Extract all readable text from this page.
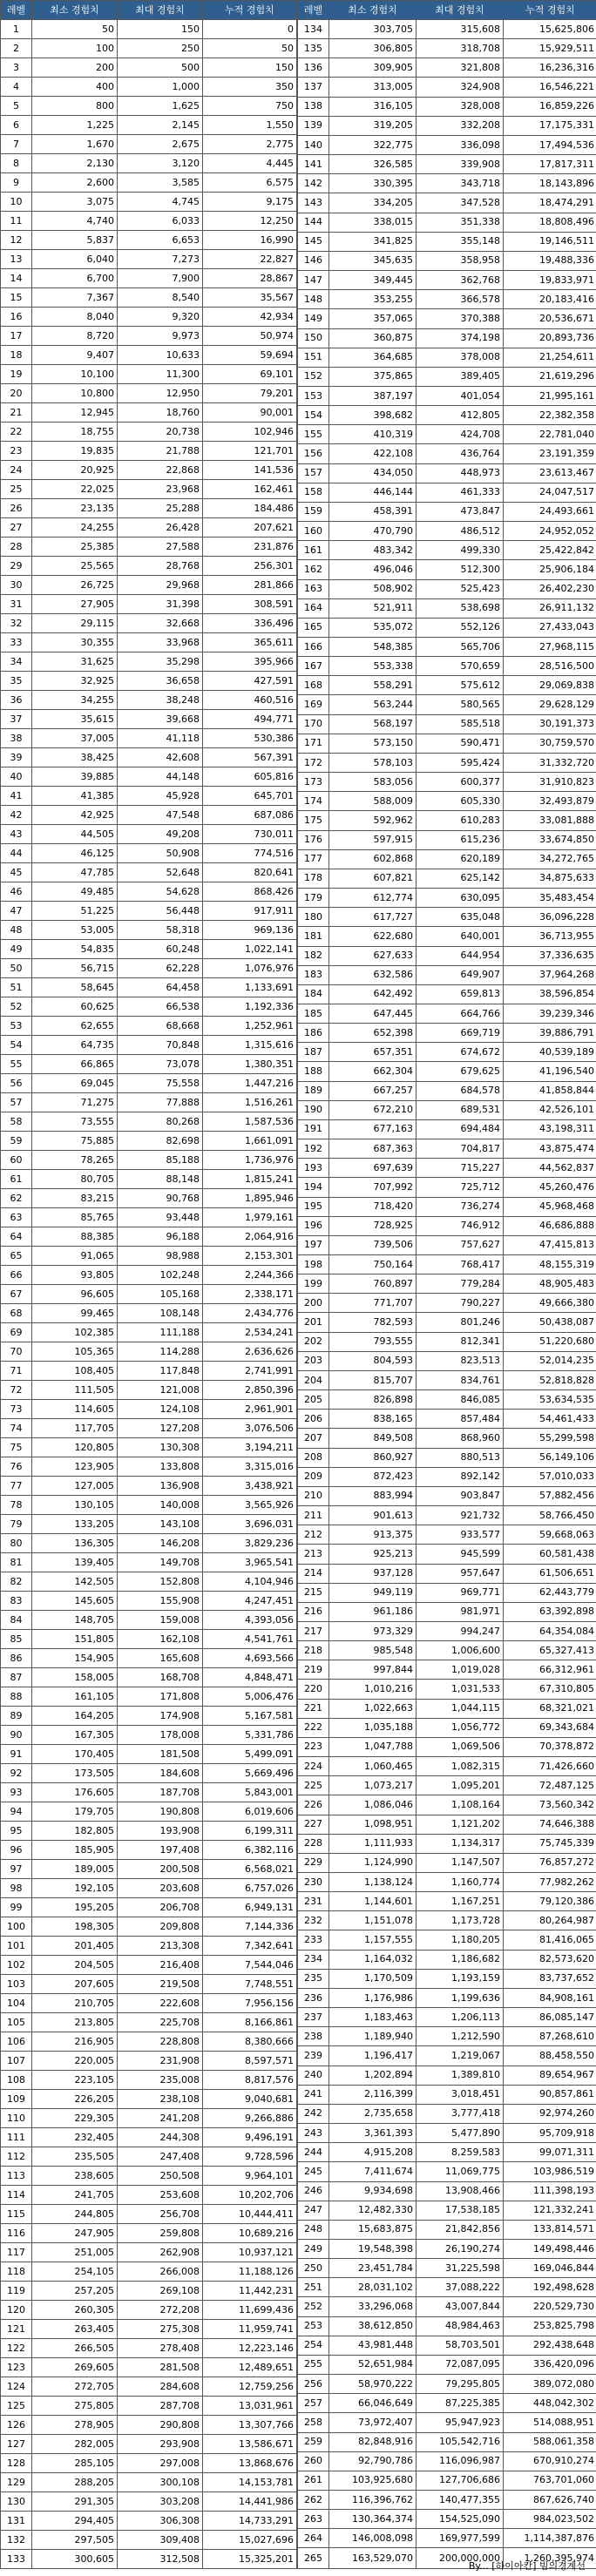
레벨	최소 경험치	최대 경험치	누적 경험치
1	50	150	0
2	100	250	50
3	200	500	150
4	400	1,000	350
5	800	1,625	750
6	1,225	2,145	1,550
7	1,670	2,675	2,775
8	2,130	3,120	4,445
9	2,600	3,585	6,575
10	3,075	4,745	9,175
11	4,740	6,033	12,250
12	5,837	6,653	16,990
13	6,040	7,273	22,827
14	6,700	7,900	28,867
15	7,367	8,540	35,567
16	8,040	9,320	42,934
17	8,720	9,973	50,974
18	9,407	10,633	59,694
19	10,100	11,300	69,101
20	10,800	12,950	79,201
21	12,945	18,760	90,001
22	18,755	20,738	102,946
23	19,835	21,788	121,701
24	20,925	22,868	141,536
25	22,025	23,968	162,461
26	23,135	25,288	184,486
27	24,255	26,428	207,621
28	25,385	27,588	231,876
29	25,565	28,768	256,301
30	26,725	29,968	281,866
31	27,905	31,398	308,591
32	29,115	32,668	336,496
33	30,355	33,968	365,611
34	31,625	35,298	395,966
35	32,925	36,658	427,591
36	34,255	38,248	460,516
37	35,615	39,668	494,771
38	37,005	41,118	530,386
39	38,425	42,608	567,391
40	39,885	44,148	605,816
41	41,385	45,928	645,701
42	42,925	47,548	687,086
43	44,505	49,208	730,011
44	46,125	50,908	774,516
45	47,785	52,648	820,641
46	49,485	54,628	868,426
47	51,225	56,448	917,911
48	53,005	58,318	969,136
49	54,835	60,248	1,022,141
50	56,715	62,228	1,076,976
51	58,645	64,458	1,133,691
52	60,625	66,538	1,192,336
53	62,655	68,668	1,252,961
54	64,735	70,848	1,315,616
55	66,865	73,078	1,380,351
56	69,045	75,558	1,447,216
57	71,275	77,888	1,516,261
58	73,555	80,268	1,587,536
59	75,885	82,698	1,661,091
60	78,265	85,188	1,736,976
61	80,705	88,148	1,815,241
62	83,215	90,768	1,895,946
63	85,765	93,448	1,979,161
64	88,385	96,188	2,064,916
65	91,065	98,988	2,153,301
66	93,805	102,248	2,244,366
67	96,605	105,168	2,338,171
68	99,465	108,148	2,434,776
69	102,385	111,188	2,534,241
70	105,365	114,288	2,636,626
71	108,405	117,848	2,741,991
72	111,505	121,008	2,850,396
73	114,605	124,108	2,961,901
74	117,705	127,208	3,076,506
75	120,805	130,308	3,194,211
76	123,905	133,808	3,315,016
77	127,005	136,908	3,438,921
78	130,105	140,008	3,565,926
79	133,205	143,108	3,696,031
80	136,305	146,208	3,829,236
81	139,405	149,708	3,965,541
82	142,505	152,808	4,104,946
83	145,605	155,908	4,247,451
84	148,705	159,008	4,393,056
85	151,805	162,108	4,541,761
86	154,905	165,608	4,693,566
87	158,005	168,708	4,848,471
88	161,105	171,808	5,006,476
89	164,205	174,908	5,167,581
90	167,305	178,008	5,331,786
91	170,405	181,508	5,499,091
92	173,505	184,608	5,669,496
93	176,605	187,708	5,843,001
94	179,705	190,808	6,019,606
95	182,805	193,908	6,199,311
96	185,905	197,408	6,382,116
97	189,005	200,508	6,568,021
98	192,105	203,608	6,757,026
99	195,205	206,708	6,949,131
100	198,305	209,808	7,144,336
101	201,405	213,308	7,342,641
102	204,505	216,408	7,544,046
103	207,605	219,508	7,748,551
104	210,705	222,608	7,956,156
105	213,805	225,708	8,166,861
106	216,905	228,808	8,380,666
107	220,005	231,908	8,597,571
108	223,105	235,008	8,817,576
109	226,205	238,108	9,040,681
110	229,305	241,208	9,266,886
111	232,405	244,308	9,496,191
112	235,505	247,408	9,728,596
113	238,605	250,508	9,964,101
114	241,705	253,608	10,202,706
115	244,805	256,708	10,444,411
116	247,905	259,808	10,689,216
117	251,005	262,908	10,937,121
118	254,105	266,008	11,188,126
119	257,205	269,108	11,442,231
120	260,305	272,208	11,699,436
121	263,405	275,308	11,959,741
122	266,505	278,408	12,223,146
123	269,605	281,508	12,489,651
124	272,705	284,608	12,759,256
125	275,805	287,708	13,031,961
126	278,905	290,808	13,307,766
127	282,005	293,908	13,586,671
128	285,105	297,008	13,868,676
129	288,205	300,108	14,153,781
130	291,305	303,208	14,441,986
131	294,405	306,308	14,733,291
132	297,505	309,408	15,027,696
133	300,605	312,508	15,325,201
레벨	최소 경험치	최대 경험치	누적 경험치
134	303,705	315,608	15,625,806
135	306,805	318,708	15,929,511
136	309,905	321,808	16,236,316
137	313,005	324,908	16,546,221
138	316,105	328,008	16,859,226
139	319,205	332,208	17,175,331
140	322,775	336,098	17,494,536
141	326,585	339,908	17,817,311
142	330,395	343,718	18,143,896
143	334,205	347,528	18,474,291
144	338,015	351,338	18,808,496
145	341,825	355,148	19,146,511
146	345,635	358,958	19,488,336
147	349,445	362,768	19,833,971
148	353,255	366,578	20,183,416
149	357,065	370,388	20,536,671
150	360,875	374,198	20,893,736
151	364,685	378,008	21,254,611
152	375,865	389,405	21,619,296
153	387,197	401,054	21,995,161
154	398,682	412,805	22,382,358
155	410,319	424,708	22,781,040
156	422,108	436,764	23,191,359
157	434,050	448,973	23,613,467
158	446,144	461,333	24,047,517
159	458,391	473,847	24,493,661
160	470,790	486,512	24,952,052
161	483,342	499,330	25,422,842
162	496,046	512,300	25,906,184
163	508,902	525,423	26,402,230
164	521,911	538,698	26,911,132
165	535,072	552,126	27,433,043
166	548,385	565,706	27,968,115
167	553,338	570,659	28,516,500
168	558,291	575,612	29,069,838
169	563,244	580,565	29,628,129
170	568,197	585,518	30,191,373
171	573,150	590,471	30,759,570
172	578,103	595,424	31,332,720
173	583,056	600,377	31,910,823
174	588,009	605,330	32,493,879
175	592,962	610,283	33,081,888
176	597,915	615,236	33,674,850
177	602,868	620,189	34,272,765
178	607,821	625,142	34,875,633
179	612,774	630,095	35,483,454
180	617,727	635,048	36,096,228
181	622,680	640,001	36,713,955
182	627,633	644,954	37,336,635
183	632,586	649,907	37,964,268
184	642,492	659,813	38,596,854
185	647,445	664,766	39,239,346
186	652,398	669,719	39,886,791
187	657,351	674,672	40,539,189
188	662,304	679,625	41,196,540
189	667,257	684,578	41,858,844
190	672,210	689,531	42,526,101
191	677,163	694,484	43,198,311
192	687,363	704,817	43,875,474
193	697,639	715,227	44,562,837
194	707,992	725,712	45,260,476
195	718,420	736,274	45,968,468
196	728,925	746,912	46,686,888
197	739,506	757,627	47,415,813
198	750,164	768,417	48,155,319
199	760,897	779,284	48,905,483
200	771,707	790,227	49,666,380
201	782,593	801,246	50,438,087
202	793,555	812,341	51,220,680
203	804,593	823,513	52,014,235
204	815,707	834,761	52,818,828
205	826,898	846,085	53,634,535
206	838,165	857,484	54,461,433
207	849,508	868,960	55,299,598
208	860,927	880,513	56,149,106
209	872,423	892,142	57,010,033
210	883,994	903,847	57,882,456
211	901,613	921,732	58,766,450
212	913,375	933,577	59,668,063
213	925,213	945,599	60,581,438
214	937,128	957,647	61,506,651
215	949,119	969,771	62,443,779
216	961,186	981,971	63,392,898
217	973,329	994,247	64,354,084
218	985,548	1,006,600	65,327,413
219	997,844	1,019,028	66,312,961
220	1,010,216	1,031,533	67,310,805
221	1,022,663	1,044,115	68,321,021
222	1,035,188	1,056,772	69,343,684
223	1,047,788	1,069,506	70,378,872
224	1,060,465	1,082,315	71,426,660
225	1,073,217	1,095,201	72,487,125
226	1,086,046	1,108,164	73,560,342
227	1,098,951	1,121,202	74,646,388
228	1,111,933	1,134,317	75,745,339
229	1,124,990	1,147,507	76,857,272
230	1,138,124	1,160,774	77,982,262
231	1,144,601	1,167,251	79,120,386
232	1,151,078	1,173,728	80,264,987
233	1,157,555	1,180,205	81,416,065
234	1,164,032	1,186,682	82,573,620
235	1,170,509	1,193,159	83,737,652
236	1,176,986	1,199,636	84,908,161
237	1,183,463	1,206,113	86,085,147
238	1,189,940	1,212,590	87,268,610
239	1,196,417	1,219,067	88,458,550
240	1,202,894	1,389,810	89,654,967
241	2,116,399	3,018,451	90,857,861
242	2,735,658	3,777,418	92,974,260
243	3,361,393	5,477,890	95,709,918
244	4,915,208	8,259,583	99,071,311
245	7,411,674	11,069,775	103,986,519
246	9,934,698	13,908,466	111,398,193
247	12,482,330	17,538,185	121,332,241
248	15,683,875	21,842,856	133,814,571
249	19,548,398	26,190,274	149,498,446
250	23,451,784	31,225,598	169,046,844
251	28,031,102	37,088,222	192,498,628
252	33,296,068	43,007,844	220,529,730
253	38,612,850	48,984,463	253,825,798
254	43,981,448	58,703,501	292,438,648
255	52,651,984	72,087,095	336,420,096
256	58,970,222	79,295,805	389,072,080
257	66,046,649	87,225,385	448,042,302
258	73,972,407	95,947,923	514,088,951
259	82,848,916	105,542,716	588,061,358
260	92,790,786	116,096,987	670,910,274
261	103,925,680	127,706,686	763,701,060
262	116,396,762	140,477,355	867,626,740
263	130,364,374	154,525,090	984,023,502
264	146,008,098	169,977,599	1,114,387,876
265	163,529,070	200,000,000	1,260,395,974
By... [하이아칸] 빔의경계선
